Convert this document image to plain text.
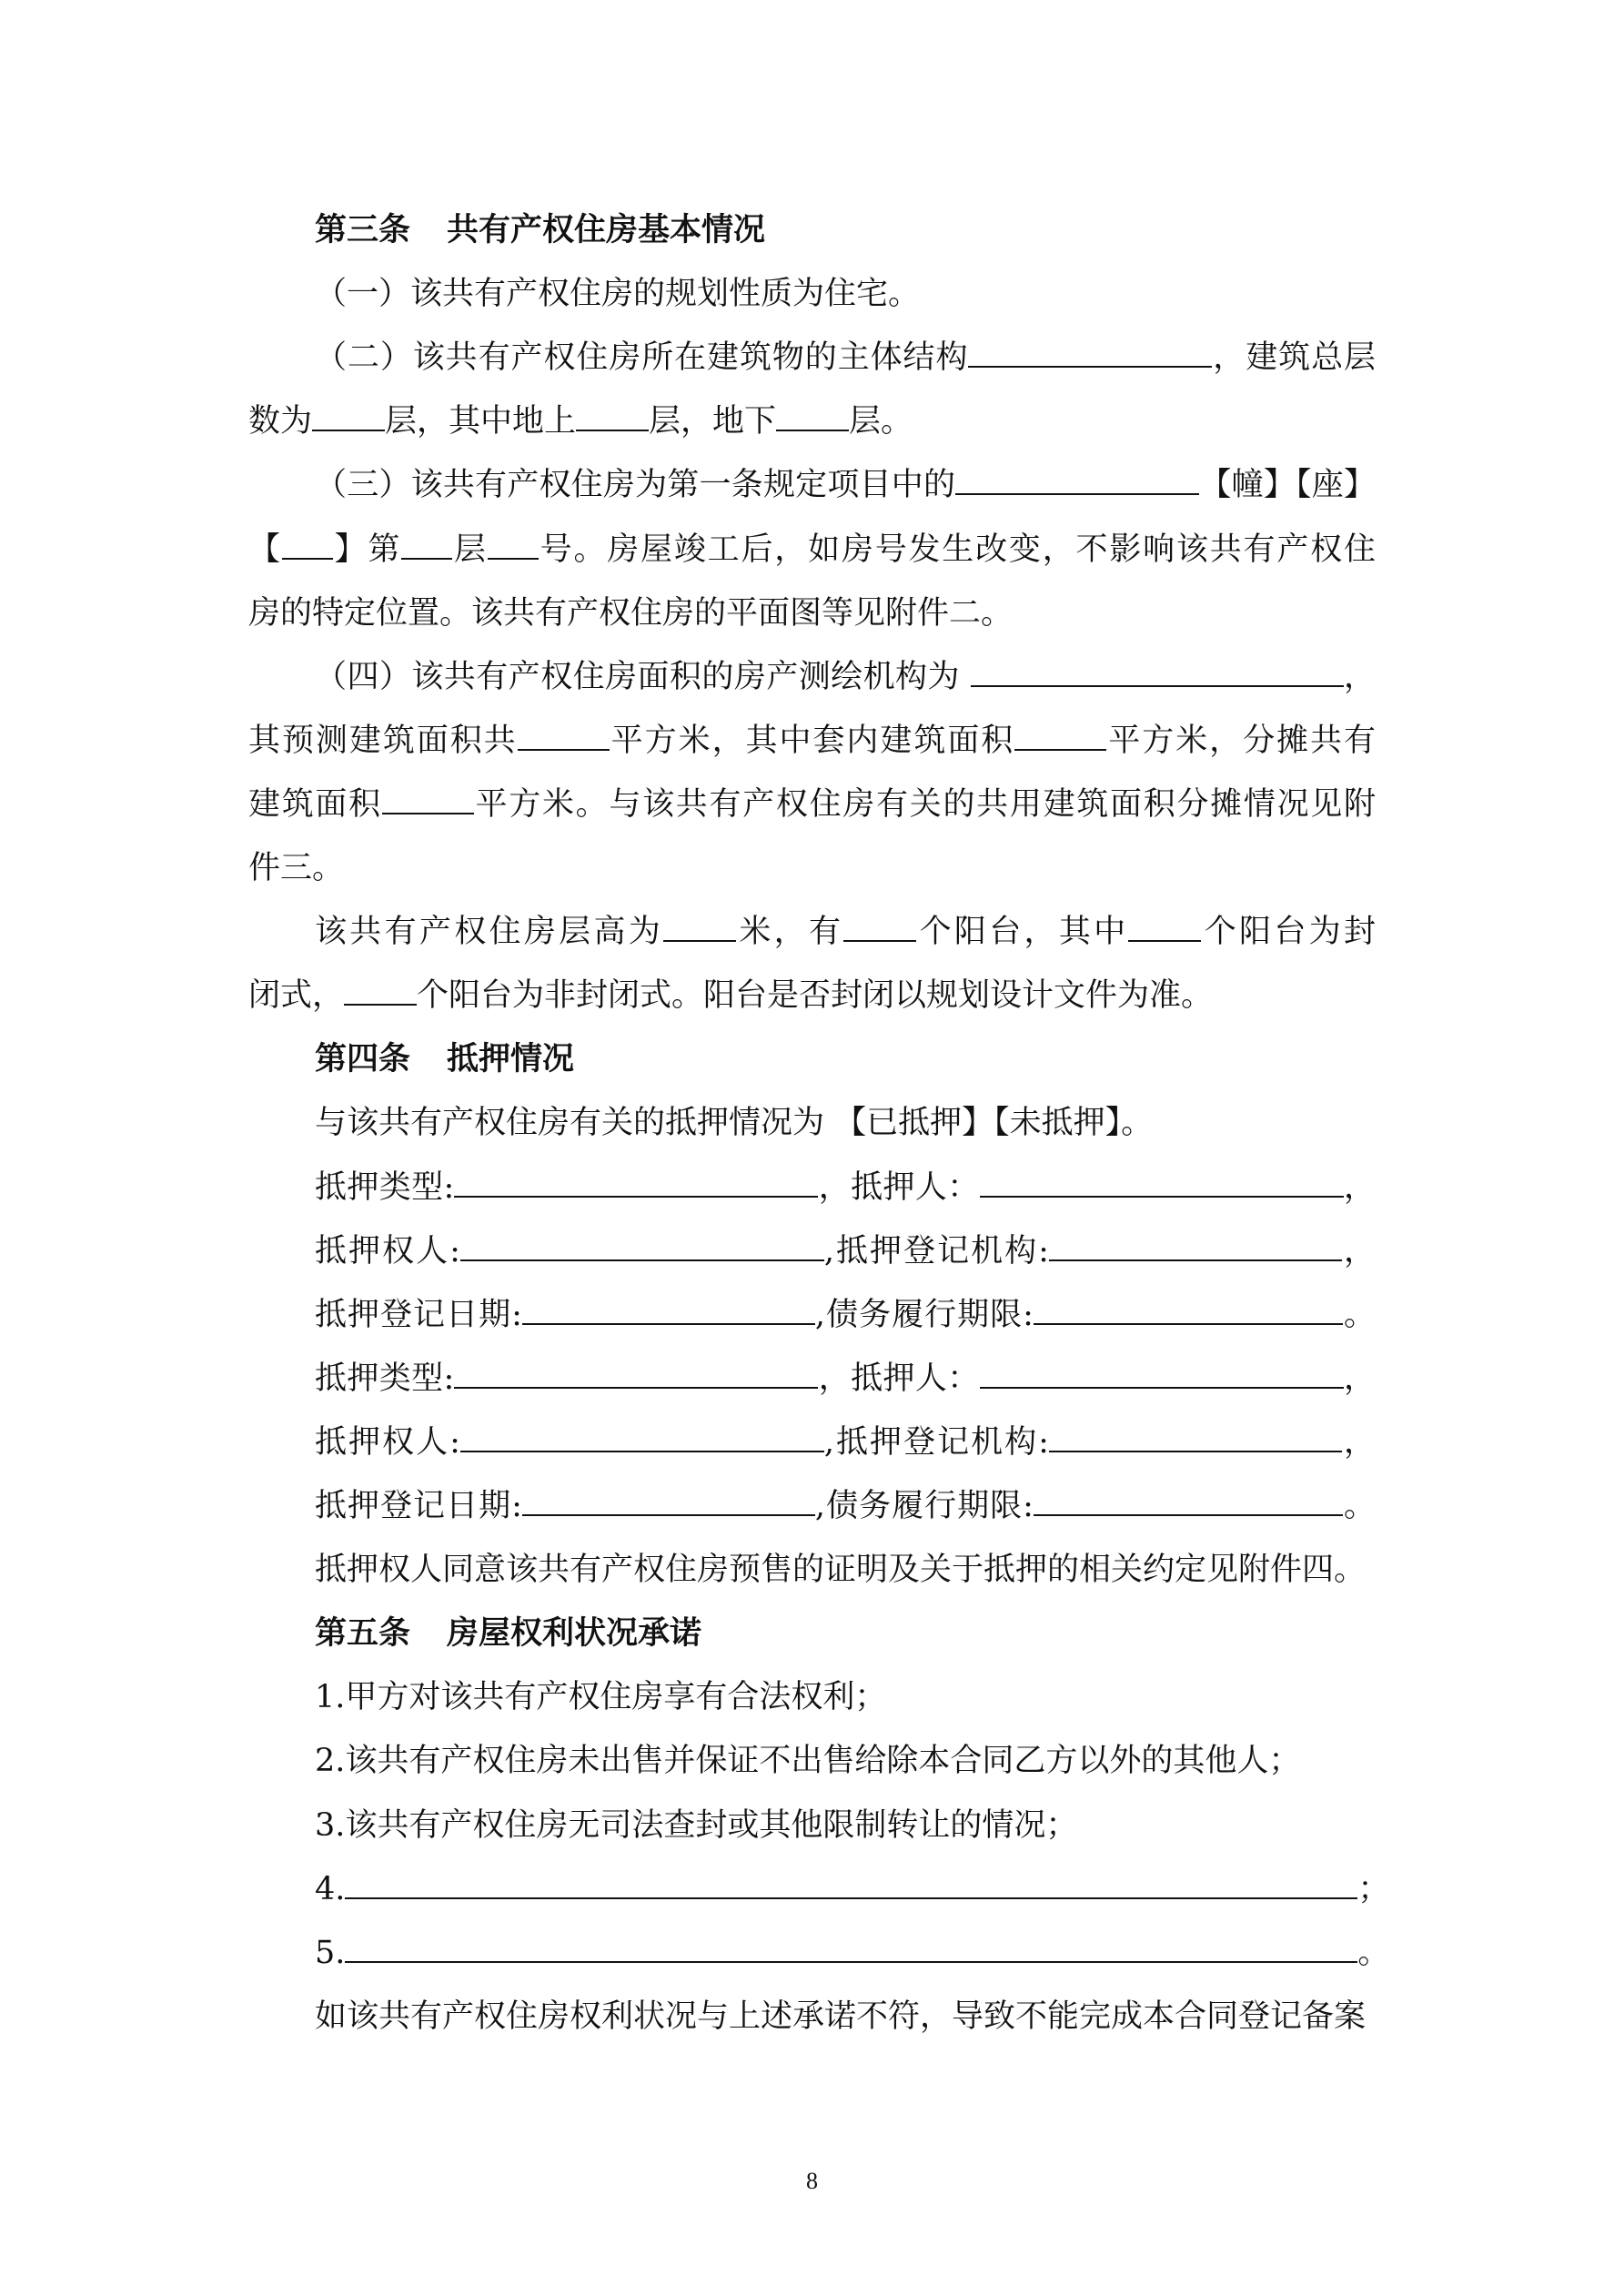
第三条 共有产权住房基本情况
（一）该共有产权住房的规划性质为住宅。
（二）该共有产权住房所在建筑物的主体结构	，建筑总层
数为 层，其中地上 层，地下 层。
（三）该共有产权住房为第一条规定项目中的	【幢】【座】
【 】第 层 号。房屋竣工后，如房号发生改变，不影响该共有产权住
房的特定位置。该共有产权住房的平面图等见附件二。
（四）该共有产权住房面积的房产测绘机构为	，
其预测建筑面积共	平方米，其中套内建筑面积	平方米，分摊共有
建筑面积	平方米。与该共有产权住房有关的共用建筑面积分摊情况见附
件三。
该共有产权住房层高为 米，有 个阳台，其中 个阳台为封
闭式， 个阳台为非封闭式。阳台是否封闭以规划设计文件为准。
第四条 抵押情况
与该共有产权住房有关的抵押情况为 【已抵押】【未抵押】。
抵押类型:	，抵押人：	，
抵押权人:	,抵押登记机构:	，
抵押登记日期:	,债务履行期限:	。
抵押类型:	，抵押人：	，
抵押权人:	,抵押登记机构:	，
抵押登记日期:	,债务履行期限:	。
抵押权人同意该共有产权住房预售的证明及关于抵押的相关约定见附件四。
第五条 房屋权利状况承诺
1.甲方对该共有产权住房享有合法权利；
2.该共有产权住房未出售并保证不出售给除本合同乙方以外的其他人；
3.该共有产权住房无司法查封或其他限制转让的情况；
4.	；
5.	。
如该共有产权住房权利状况与上述承诺不符，导致不能完成本合同登记备案
8
